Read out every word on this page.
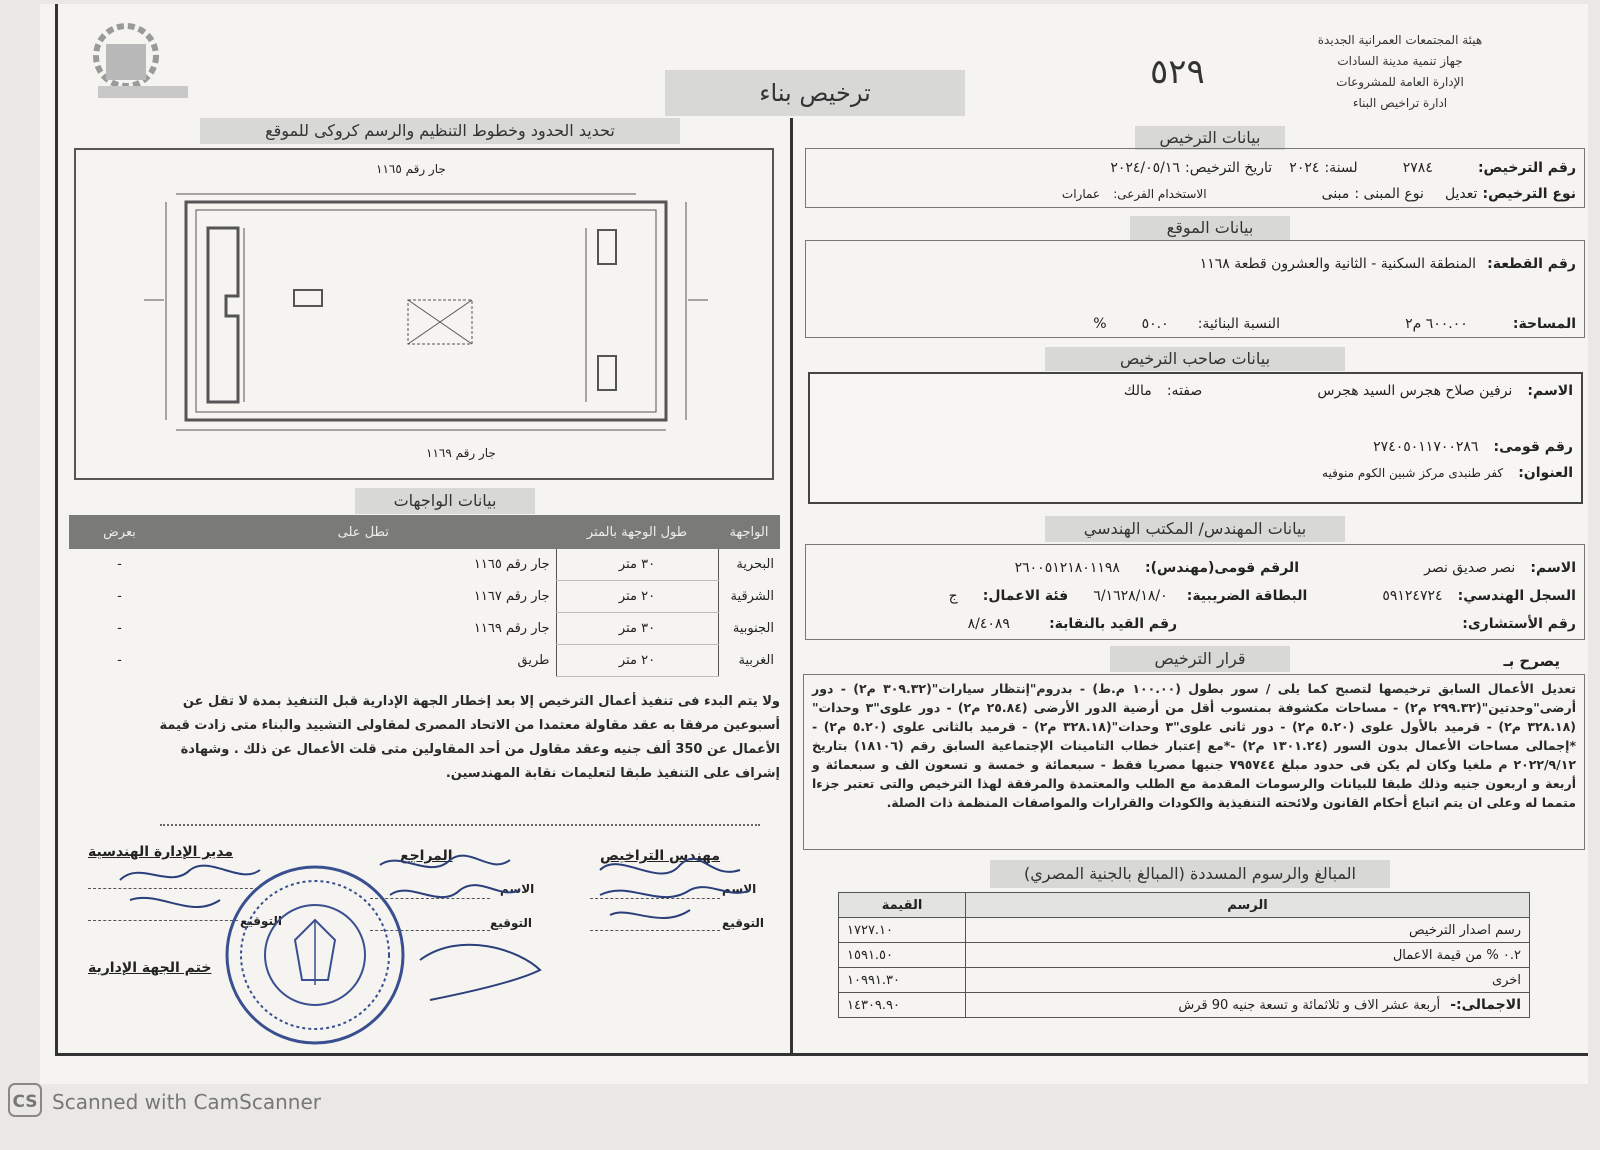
هيئة المجتمعات العمرانية الجديدة
جهاز تنمية مدينة السادات
الإدارة العامة للمشروعات
ادارة تراخيص البناء
٥٢٩
ترخيص بناء
بيانات الترخيص
رقم الترخيص: ٢٧٨٤ لسنة: ٢٠٢٤ تاريخ الترخيص: ٢٠٢٤/٠٥/١٦
نوع الترخيص: تعديل نوع المبنى : مبنى الاستخدام الفرعى: عمارات
بيانات الموقع
رقم القطعة: المنطقة السكنية - الثانية والعشرون قطعة ١١٦٨
المساحة: ٦٠٠.٠٠ م٢ النسبة البنائية: ٥٠.٠ %
بيانات صاحب الترخيص
الاسم: نرفين صلاح هجرس السيد هجرس صفته: مالك
رقم قومى: ٢٧٤٠٥٠١١٧٠٠٢٨٦
العنوان: كفر طنبدى مركز شبين الكوم منوفيه
بيانات المهندس/ المكتب الهندسي
الاسم: نصر صديق نصر الرقم قومى(مهندس): ٢٦٠٠٥١٢١٨٠١١٩٨
السجل الهندسي: ٥٩١٢٤٧٢٤ البطاقة الضريبية: ٦/١٦٢٨/١٨/٠ فئة الاعمال: ج
رقم الأستشارى: رقم القيد بالنقابة: ٨/٤٠٨٩
يصرح بـ
قرار الترخيص
تعديل الأعمال السابق ترخيصها لتصبح كما يلى / سور بطول (١٠٠.٠٠ م.ط) - بدروم"إنتظار سيارات"(٣٠٩.٣٢ م٢) - دور أرضى"وحدتين"(٢٩٩.٣٢ م٢) - مساحات مكشوفة بمنسوب أقل من أرضية الدور الأرضى (٢٥.٨٤ م٢) - دور علوى"٣ وحدات"(٣٢٨.١٨ م٢) - قرميد بالأول علوى (٥.٢٠ م٢) - دور ثانى علوى"٣ وحدات"(٣٢٨.١٨ م٢) - قرميد بالثانى علوى (٥.٢٠ م٢) -*إجمالى مساحات الأعمال بدون السور (١٣٠١.٢٤ م٢) -*مع إعتبار خطاب التامينات الإجتماعية السابق رقم (١٨١٠٦) بتاريخ ٢٠٢٢/٩/١٢ م ملغيا وكان لم يكن فى حدود مبلغ ٧٩٥٧٤٤ جنيها مصريا فقط - سبعمائة و خمسة و تسعون الف و سبعمائة و أربعة و اربعون جنيه وذلك طبقا للبيانات والرسومات المقدمة مع الطلب والمعتمدة والمرفقة لهذا الترخيص والتى تعتبر جزءا متمما له وعلى ان يتم اتباع أحكام القانون ولائحته التنفيذية والكودات والقرارات والمواصفات المنظمة ذات الصلة.
المبالغ والرسوم المسددة (المبالغ بالجنية المصري)
الرسم	القيمة
رسم اصدار الترخيص	١٧٢٧.١٠
٠.٢ % من قيمة الاعمال	١٥٩١.٥٠
اخرى	١٠٩٩١.٣٠
الاجمالى:- أربعة عشر الاف و ثلاثمائة و تسعة جنيه 90 قرش	١٤٣٠٩.٩٠
تحديد الحدود وخطوط التنظيم والرسم كروكى للموقع
جار رقم ١١٦٥
جار رقم ١١٦٩
بيانات الواجهات
الواجهة	طول الوجهة بالمتر	تطل على	بعرض
البحرية	٣٠ متر	جار رقم ١١٦٥	-
الشرقية	٢٠ متر	جار رقم ١١٦٧	-
الجنوبية	٣٠ متر	جار رقم ١١٦٩	-
الغربية	٢٠ متر	طريق	-
ولا يتم البدء فى تنفيذ أعمال الترخيص إلا بعد إخطار الجهة الإدارية قبل التنفيذ بمدة لا تقل عن أسبوعين مرفقا به عقد مقاولة معتمدا من الاتحاد المصرى لمقاولى التشييد والبناء متى زادت قيمة الأعمال عن 350 ألف جنيه وعقد مقاول من أحد المقاولين متى قلت الأعمال عن ذلك . وشهادة إشراف على التنفيذ طبقا لتعليمات نقابة المهندسين.
مهندس التراخيص
الاسم
التوقيع
المراجع
الاسم
التوقيع
مدير الإدارة الهندسية
التوقيع
ختم الجهة الإدارية
CS Scanned with CamScanner
